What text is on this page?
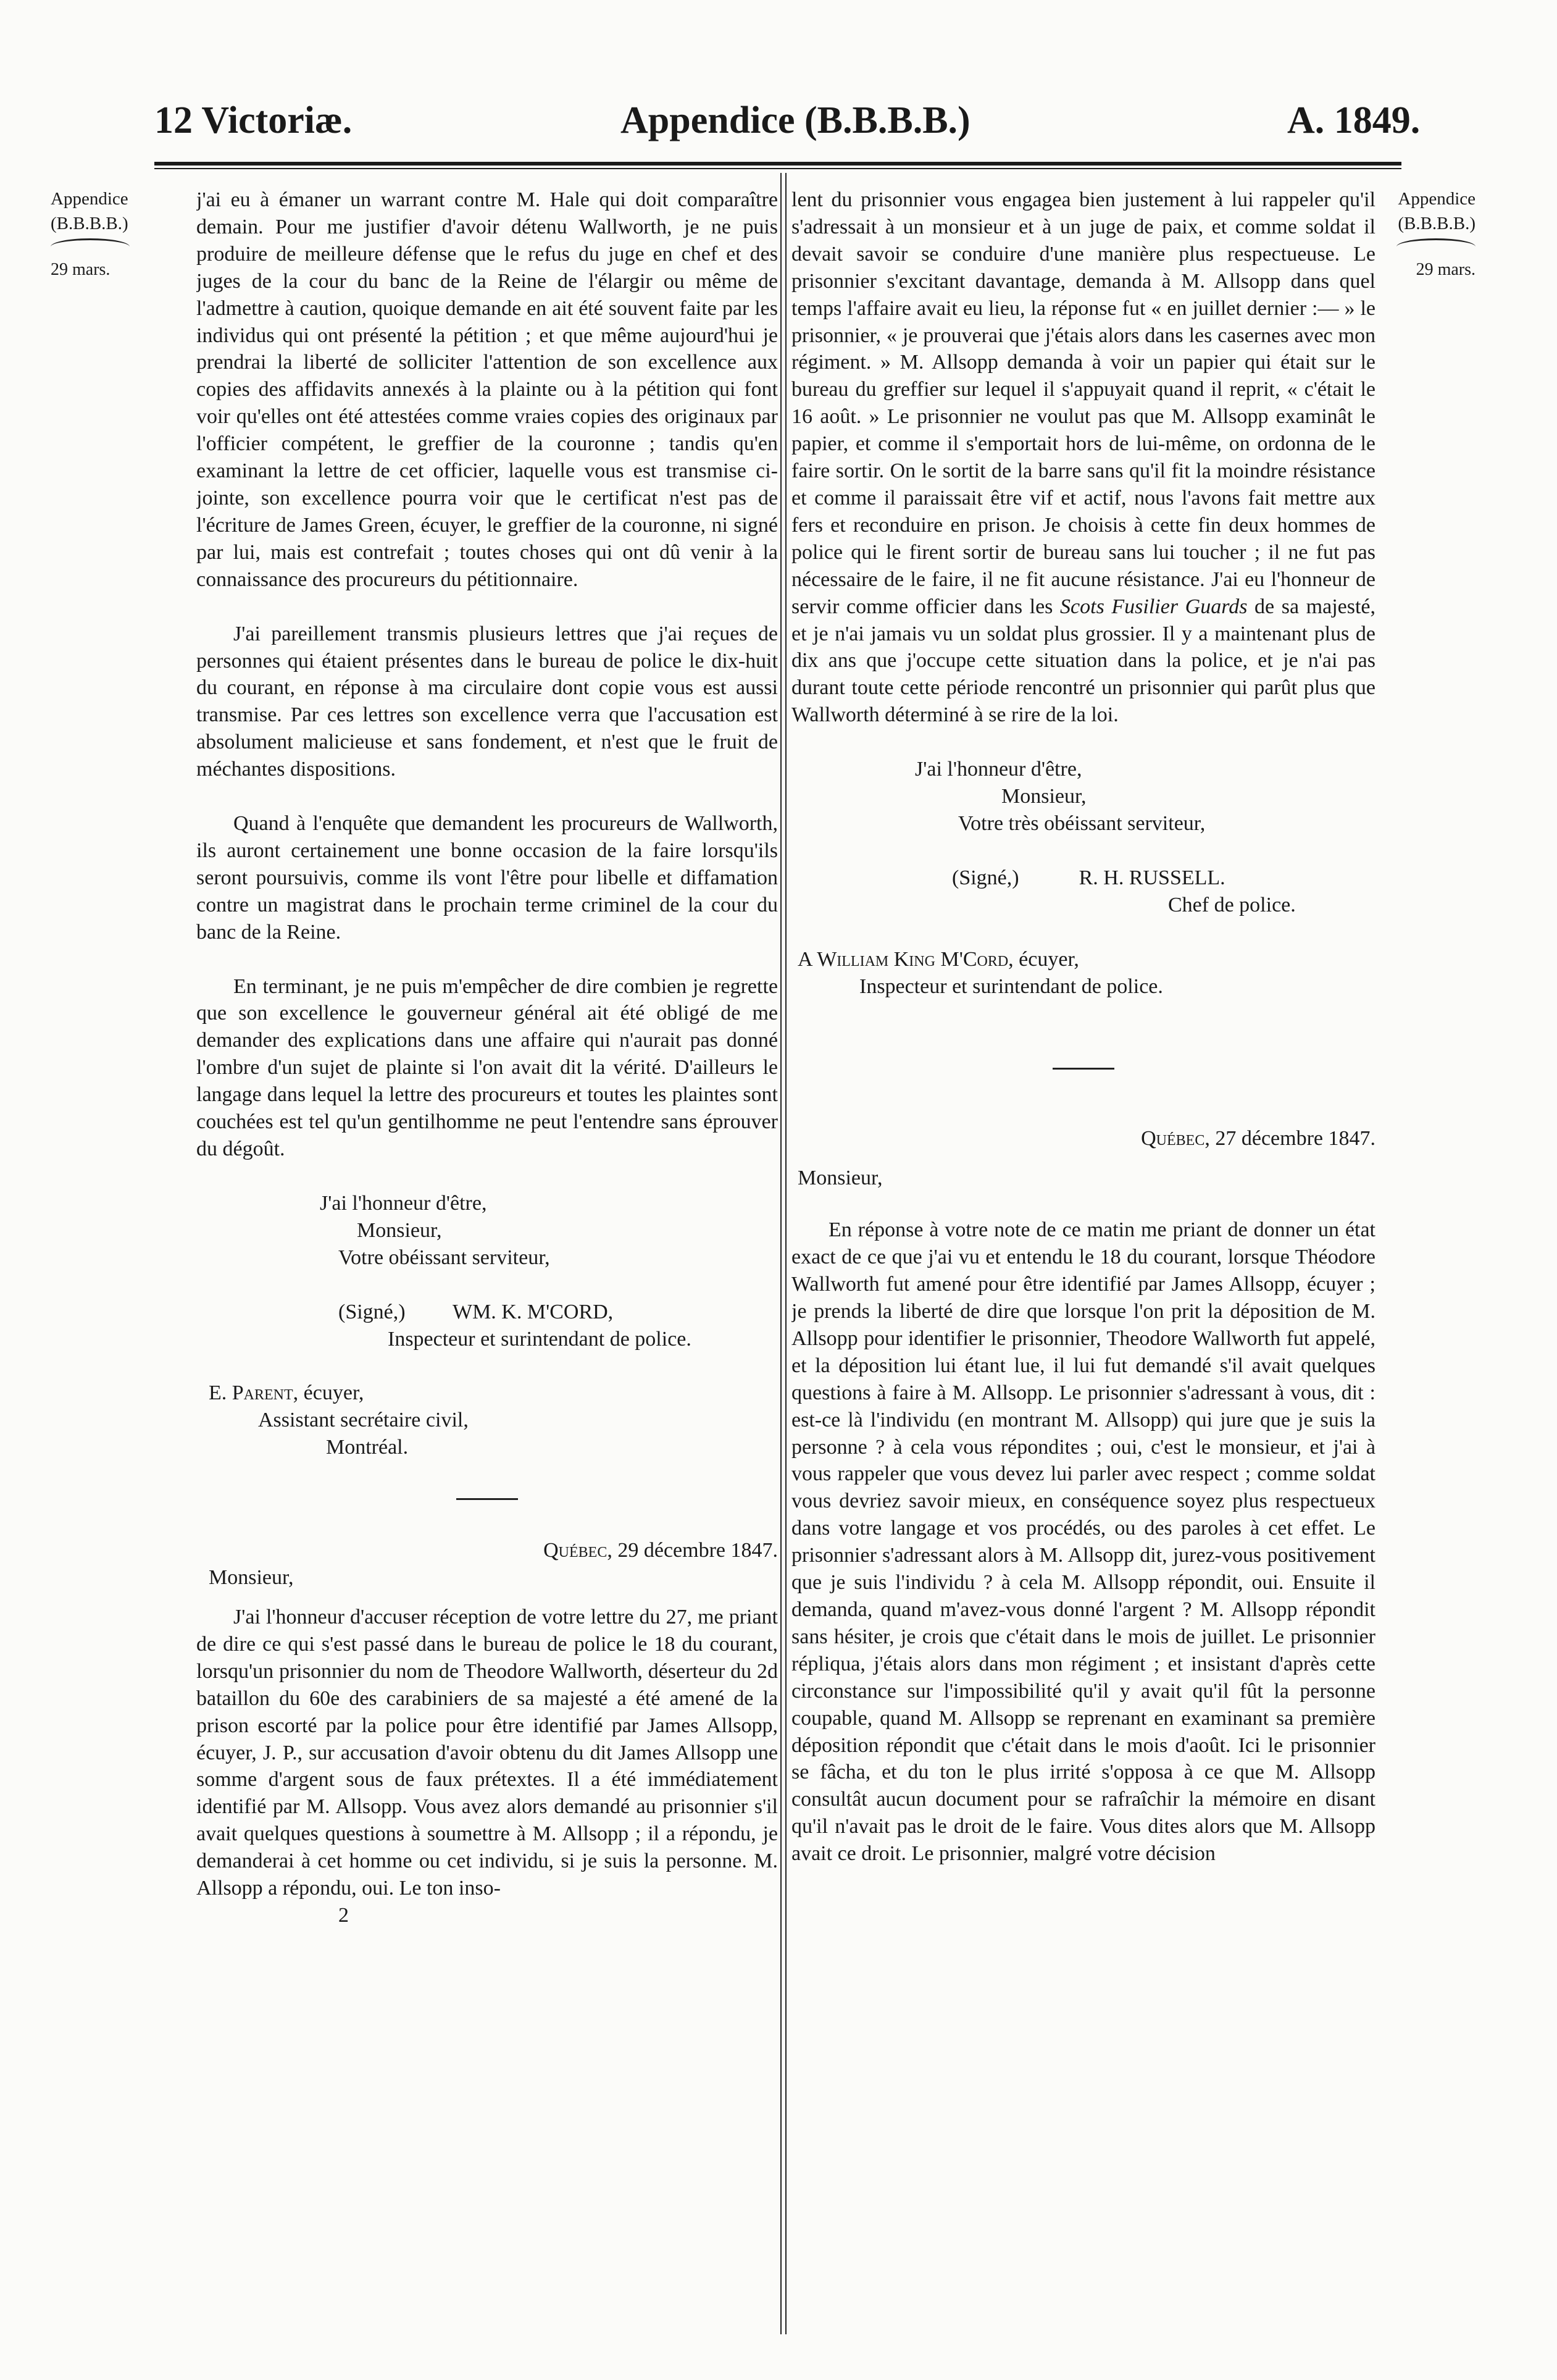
12 Victoriæ.	Appendice (B.B.B.B.)	A. 1849.
Appendice
(B.B.B.B.)
29 mars.
Appendice
(B.B.B.B.)
29 mars.

j'ai eu à émaner un warrant contre M. Hale qui doit comparaître demain. Pour me justifier d'avoir détenu Wallworth, je ne puis produire de meilleure défense que le refus du juge en chef et des juges de la cour du banc de la Reine de l'élargir ou même de l'admettre à caution, quoique demande en ait été souvent faite par les individus qui ont présenté la pétition ; et que même aujourd'hui je prendrai la liberté de solliciter l'attention de son excellence aux copies des affidavits annexés à la plainte ou à la pétition qui font voir qu'elles ont été attestées comme vraies copies des originaux par l'officier compétent, le greffier de la couronne ; tandis qu'en examinant la lettre de cet officier, laquelle vous est transmise ci-jointe, son excellence pourra voir que le certificat n'est pas de l'écriture de James Green, écuyer, le greffier de la couronne, ni signé par lui, mais est contrefait ; toutes choses qui ont dû venir à la connaissance des procureurs du pétitionnaire.

J'ai pareillement transmis plusieurs lettres que j'ai reçues de personnes qui étaient présentes dans le bureau de police le dix-huit du courant, en réponse à ma circulaire dont copie vous est aussi transmise. Par ces lettres son excellence verra que l'accusation est absolument malicieuse et sans fondement, et n'est que le fruit de méchantes dispositions.

Quand à l'enquête que demandent les procureurs de Wallworth, ils auront certainement une bonne occasion de la faire lorsqu'ils seront poursuivis, comme ils vont l'être pour libelle et diffamation contre un magistrat dans le prochain terme criminel de la cour du banc de la Reine.

En terminant, je ne puis m'empêcher de dire combien je regrette que son excellence le gouverneur général ait été obligé de me demander des explications dans une affaire qui n'aurait pas donné l'ombre d'un sujet de plainte si l'on avait dit la vérité. D'ailleurs le langage dans lequel la lettre des procureurs et toutes les plaintes sont couchées est tel qu'un gentilhomme ne peut l'entendre sans éprouver du dégoût.

J'ai l'honneur d'être,

Monsieur,

Votre obéissant serviteur,

(Signé,) WM. K. M'CORD,

Inspecteur et surintendant de police.

E. Parent, écuyer,

Assistant secrétaire civil,

Montréal.

Québec, 29 décembre 1847.

Monsieur,

J'ai l'honneur d'accuser réception de votre lettre du 27, me priant de dire ce qui s'est passé dans le bureau de police le 18 du courant, lorsqu'un prisonnier du nom de Theodore Wallworth, déserteur du 2d bataillon du 60e des carabiniers de sa majesté a été amené de la prison escorté par la police pour être identifié par James Allsopp, écuyer, J. P., sur accusation d'avoir obtenu du dit James Allsopp une somme d'argent sous de faux prétextes. Il a été immédiatement identifié par M. Allsopp. Vous avez alors demandé au prisonnier s'il avait quelques questions à soumettre à M. Allsopp ; il a répondu, je demanderai à cet homme ou cet individu, si je suis la personne. M. Allsopp a répondu, oui. Le ton inso-

2

lent du prisonnier vous engagea bien justement à lui rappeler qu'il s'adressait à un monsieur et à un juge de paix, et comme soldat il devait savoir se conduire d'une manière plus respectueuse. Le prisonnier s'excitant davantage, demanda à M. Allsopp dans quel temps l'affaire avait eu lieu, la réponse fut « en juillet dernier :— » le prisonnier, « je prouverai que j'étais alors dans les casernes avec mon régiment. » M. Allsopp demanda à voir un papier qui était sur le bureau du greffier sur lequel il s'appuyait quand il reprit, « c'était le 16 août. » Le prisonnier ne voulut pas que M. Allsopp examinât le papier, et comme il s'emportait hors de lui-même, on ordonna de le faire sortir. On le sortit de la barre sans qu'il fit la moindre résistance et comme il paraissait être vif et actif, nous l'avons fait mettre aux fers et reconduire en prison. Je choisis à cette fin deux hommes de police qui le firent sortir de bureau sans lui toucher ; il ne fut pas nécessaire de le faire, il ne fit aucune résistance. J'ai eu l'honneur de servir comme officier dans les Scots Fusilier Guards de sa majesté, et je n'ai jamais vu un soldat plus grossier. Il y a maintenant plus de dix ans que j'occupe cette situation dans la police, et je n'ai pas durant toute cette période rencontré un prisonnier qui parût plus que Wallworth déterminé à se rire de la loi.

J'ai l'honneur d'être,

Monsieur,

Votre très obéissant serviteur,

(Signé,)	R. H. RUSSELL.

Chef de police.

A William King M'Cord, écuyer,

Inspecteur et surintendant de police.

Québec, 27 décembre 1847.

Monsieur,

En réponse à votre note de ce matin me priant de donner un état exact de ce que j'ai vu et entendu le 18 du courant, lorsque Théodore Wallworth fut amené pour être identifié par James Allsopp, écuyer ; je prends la liberté de dire que lorsque l'on prit la déposition de M. Allsopp pour identifier le prisonnier, Theodore Wallworth fut appelé, et la déposition lui étant lue, il lui fut demandé s'il avait quelques questions à faire à M. Allsopp. Le prisonnier s'adressant à vous, dit : est-ce là l'individu (en montrant M. Allsopp) qui jure que je suis la personne ? à cela vous répondites ; oui, c'est le monsieur, et j'ai à vous rappeler que vous devez lui parler avec respect ; comme soldat vous devriez savoir mieux, en conséquence soyez plus respectueux dans votre langage et vos procédés, ou des paroles à cet effet. Le prisonnier s'adressant alors à M. Allsopp dit, jurez-vous positivement que je suis l'individu ? à cela M. Allsopp répondit, oui. Ensuite il demanda, quand m'avez-vous donné l'argent ? M. Allsopp répondit sans hésiter, je crois que c'était dans le mois de juillet. Le prisonnier répliqua, j'étais alors dans mon régiment ; et insistant d'après cette circonstance sur l'impossibilité qu'il y avait qu'il fût la personne coupable, quand M. Allsopp se reprenant en examinant sa première déposition répondit que c'était dans le mois d'août. Ici le prisonnier se fâcha, et du ton le plus irrité s'opposa à ce que M. Allsopp consultât aucun document pour se rafraîchir la mémoire en disant qu'il n'avait pas le droit de le faire. Vous dites alors que M. Allsopp avait ce droit. Le prisonnier, malgré votre décision
